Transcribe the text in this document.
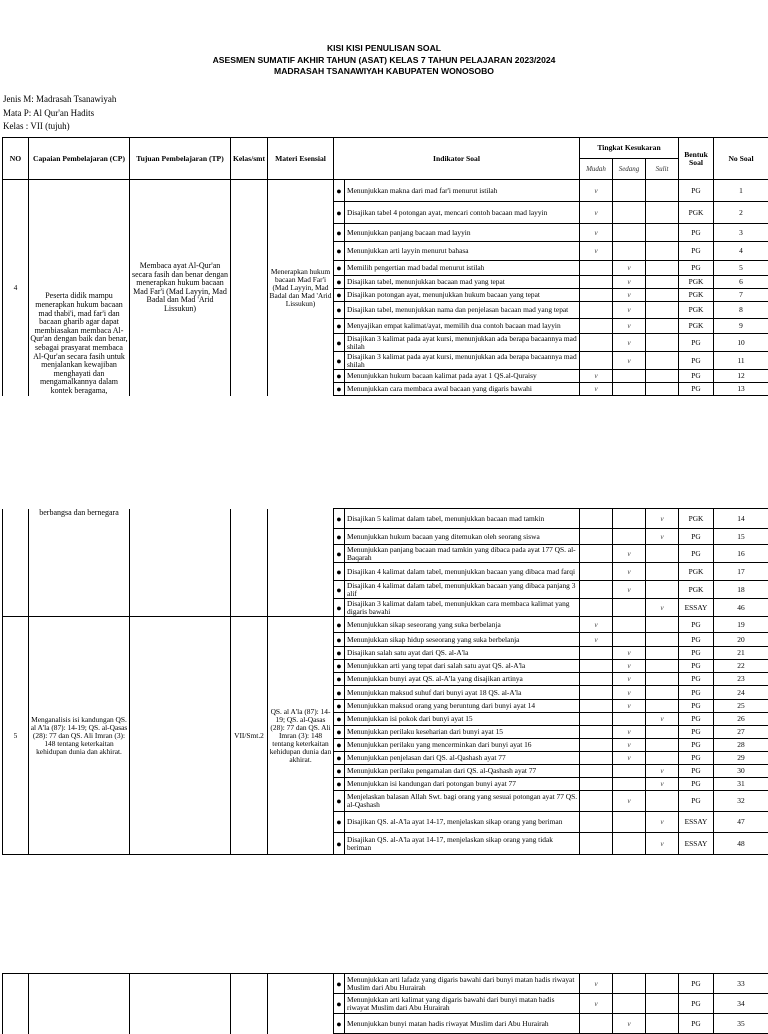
KISI KISI PENULISAN SOAL
ASESMEN SUMATIF AKHIR TAHUN (ASAT) KELAS 7 TAHUN PELAJARAN 2023/2024
MADRASAH TSANAWIYAH KABUPATEN WONOSOBO
Jenis M: Madrasah Tsanawiyah
Mata P: Al Qur'an Hadits
Kelas : VII (tujuh)
NO	Capaian Pembelajaran (CP)	Tujuan Pembelajaran (TP)	Kelas/smt	Materi Esensial	Indikator Soal		Tingkat Kesukaran			Bentuk Soal	No Soal
							Mudah	Sedang	Sulit		
4	Peserta didik mampu menerapkan hukum bacaan mad thabi'i, mad far'i dan bacaan gharib agar dapat membiasakan membaca Al-Qur'an dengan baik dan benar, sebagai prasyarat membaca Al-Qur'an secara fasih untuk menjalankan kewajiban menghayati dan mengamalkannya dalam kontek beragama,	Membaca ayat Al-Qur'an secara fasih dan benar dengan menerapkan hukum bacaan Mad Far'i (Mad Layyin, Mad Badal dan Mad 'Arid Lissukun)		Menerapkan hukum bacaan Mad Far'i (Mad Layyin, Mad Badal dan Mad 'Arid Lissukun)	●	Menunjukkan makna dari mad far'i menurut istilah	v			PG	1
					●	Disajikan tabel 4 potongan ayat, mencari contoh bacaan mad layyin	v			PGK	2
					●	Menunjukkan panjang bacaan mad layyin	v			PG	3
					●	Menunjukkan arti layyin menurut bahasa	v			PG	4
					●	Memilih pengertian mad badal menurut istilah		v		PG	5
					●	Disajikan tabel, menunjukkan bacaan mad yang tepat		v		PGK	6
					●	Disajikan potongan ayat, menunjukkan hukum bacaan yang tepat		v		PGK	7
					●	Disajikan tabel, menunjukkan nama dan penjelasan bacaan mad yang tepat		v		PGK	8
					●	Menyajikan empat kalimat/ayat, memilih dua contoh bacaan mad layyin		v		PGK	9
					●	Disajikan 3 kalimat pada ayat kursi, menunjukkan ada berapa bacaannya mad shilah		v		PG	10
					●	Disajikan 3 kalimat pada ayat kursi, menunjukkan ada berapa bacaannya mad shilah		v		PG	11
					●	Menunjukkan hukum bacaan kalimat pada ayat 1 QS.al-Quraisy	v			PG	12
					●	Menunjukkan cara membaca awal bacaan yang digaris bawahi	v			PG	13
	berbangsa dan bernegara				●	Disajikan 5 kalimat dalam tabel, menunjukkan bacaan mad tamkin			v	PGK	14
					●	Menunjukkan hukum bacaan yang ditemukan oleh seorang siswa			v	PG	15
					●	Menunjukkan panjang bacaan mad tamkin yang dibaca pada ayat 177 QS. al-Baqarah		v		PG	16
					●	Disajikan 4 kalimat dalam tabel, menunjukkan bacaan yang dibaca mad farqi		v		PGK	17
					●	Disajikan 4 kalimat dalam tabel, menunjukkan bacaan yang dibaca panjang 3 alif		v		PGK	18
					●	Disajikan 3 kalimat dalam tabel, menunjukkan cara membaca kalimat yang digaris bawahi			v	ESSAY	46
5	Menganalisis isi kandungan QS. al A'la (87): 14-19; QS. al-Qasas (28): 77 dan QS. Ali Imran (3): 148 tentang keterkaitan kehidupan dunia dan akhirat.		VII/Smt.2	QS. al A'la (87): 14-19; QS. al-Qasas (28): 77 dan QS. Ali Imran (3): 148 tentang keterkaitan kehidupan dunia dan akhirat.	●	Menunjukkan sikap seseorang yang suka berbelanja	v			PG	19
					●	Menunjukkan sikap hidup seseorang yang suka berbelanja	v			PG	20
					●	Disajikan salah satu ayat dari QS. al-A'la		v		PG	21
					●	Menunjukkan arti yang tepat dari salah satu ayat QS. al-A'la		v		PG	22
					●	Menunjukkan bunyi ayat QS. al-A'la yang disajikan artinya		v		PG	23
					●	Menunjukkan maksud suhuf dari bunyi ayat 18 QS. al-A'la		v		PG	24
					●	Menunjukkan maksud orang yang beruntung dari bunyi ayat 14		v		PG	25
					●	Menunjukkan isi pokok dari bunyi ayat 15			v	PG	26
					●	Menunjukkan perilaku keseharian dari bunyi ayat 15		v		PG	27
					●	Menunjukkan perilaku yang mencerminkan dari bunyi ayat 16		v		PG	28
					●	Menunjukkan penjelasan dari QS. al-Qashash ayat 77		v		PG	29
					●	Menunjukkan perilaku pengamalan dari QS. al-Qashash ayat 77			v	PG	30
					●	Menunjukkan isi kandungan dari potongan bunyi ayat 77			v	PG	31
					●	Menjelaskan balasan Allah Swt. bagi orang yang sesuai potongan ayat 77 QS. al-Qashash		v		PG	32
					●	Disajikan QS. al-A'la ayat 14-17, menjelaskan sikap orang yang beriman			v	ESSAY	47
					●	Disajikan QS. al-A'la ayat 14-17, menjelaskan sikap orang yang tidak beriman			v	ESSAY	48
					●	Menunjukkan arti lafadz yang digaris bawahi dari bunyi matan hadis riwayat Muslim dari Abu Hurairah	v			PG	33
					●	Menunjukkan arti kalimat yang digaris bawahi dari bunyi matan hadis riwayat Muslim dari Abu Hurairah	v			PG	34
					●	Menunjukkan bunyi matan hadis riwayat Muslim dari Abu Hurairah		v		PG	35
